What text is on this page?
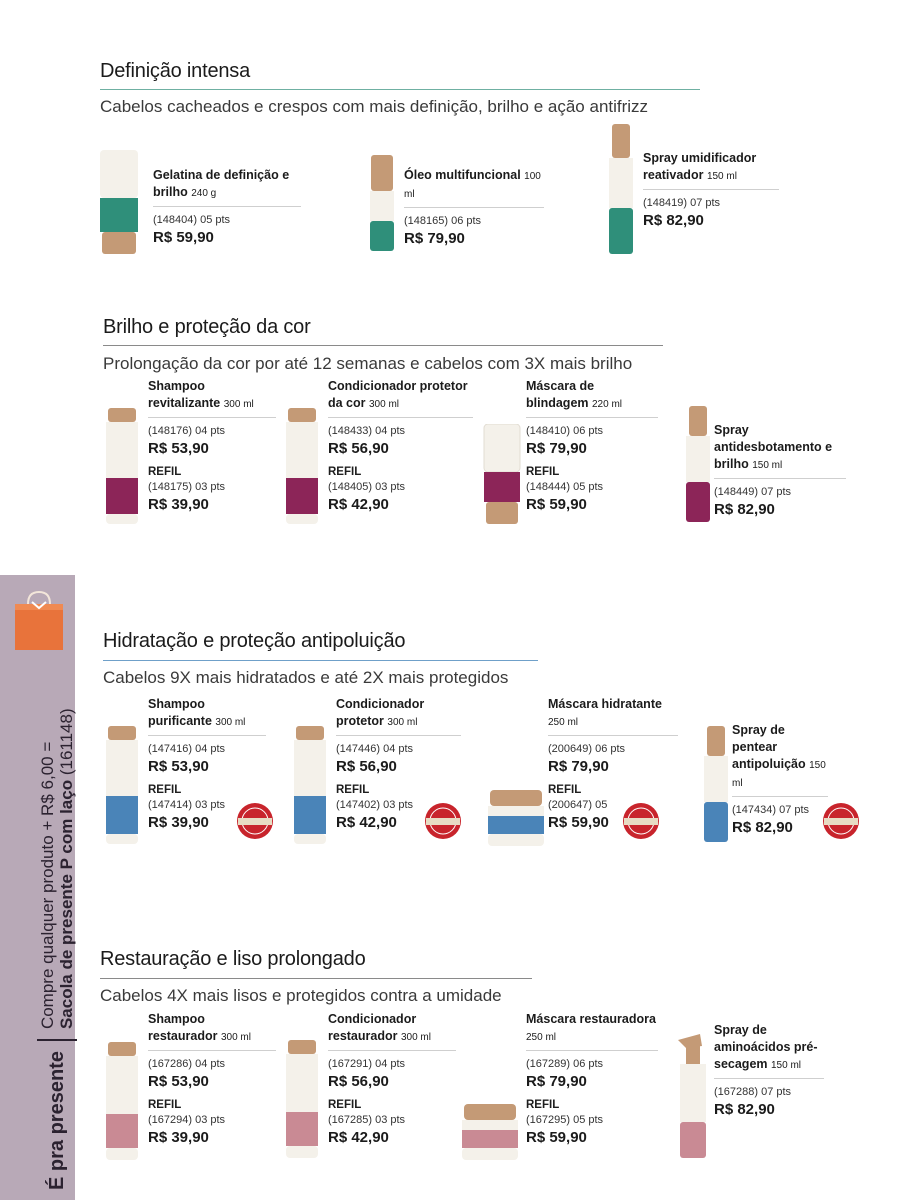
É pra presente
Compre qualquer produto + R$ 6,00 = Sacola de presente P com laço (161148)
Definição intensa
Cabelos cacheados e crespos com mais definição, brilho e ação antifrizz
Gelatina de definição e brilho 240 g
(148404) 05 pts
R$ 59,90
Óleo multifuncional 100 ml
(148165) 06 pts
R$ 79,90
Spray umidificador reativador 150 ml
(148419) 07 pts
R$ 82,90
Brilho e proteção da cor
Prolongação da cor por até 12 semanas e cabelos com 3X mais brilho
Shampoo revitalizante 300 ml
(148176) 04 pts
R$ 53,90
REFIL
(148175) 03 pts
R$ 39,90
Condicionador protetor da cor 300 ml
(148433) 04 pts
R$ 56,90
REFIL
(148405) 03 pts
R$ 42,90
Máscara de blindagem 220 ml
(148410) 06 pts
R$ 79,90
REFIL
(148444) 05 pts
R$ 59,90
Spray antidesbotamento e brilho 150 ml
(148449) 07 pts
R$ 82,90
Hidratação e proteção antipoluição
Cabelos 9X mais hidratados e até 2X mais protegidos
Shampoo purificante 300 ml
(147416) 04 pts
R$ 53,90
REFIL
(147414) 03 pts
R$ 39,90
Condicionador protetor 300 ml
(147446) 04 pts
R$ 56,90
REFIL
(147402) 03 pts
R$ 42,90
Máscara hidratante 250 ml
(200649) 06 pts
R$ 79,90
REFIL
(200647) 05
R$ 59,90
Spray de pentear antipoluição 150 ml
(147434) 07 pts
R$ 82,90
Restauração e liso prolongado
Cabelos 4X mais lisos e protegidos contra a umidade
Shampoo restaurador 300 ml
(167286) 04 pts
R$ 53,90
REFIL
(167294) 03 pts
R$ 39,90
Condicionador restaurador 300 ml
(167291) 04 pts
R$ 56,90
REFIL
(167285) 03 pts
R$ 42,90
Máscara restauradora 250 ml
(167289) 06 pts
R$ 79,90
REFIL
(167295) 05 pts
R$ 59,90
Spray de aminoácidos pré-secagem 150 ml
(167288) 07 pts
R$ 82,90
